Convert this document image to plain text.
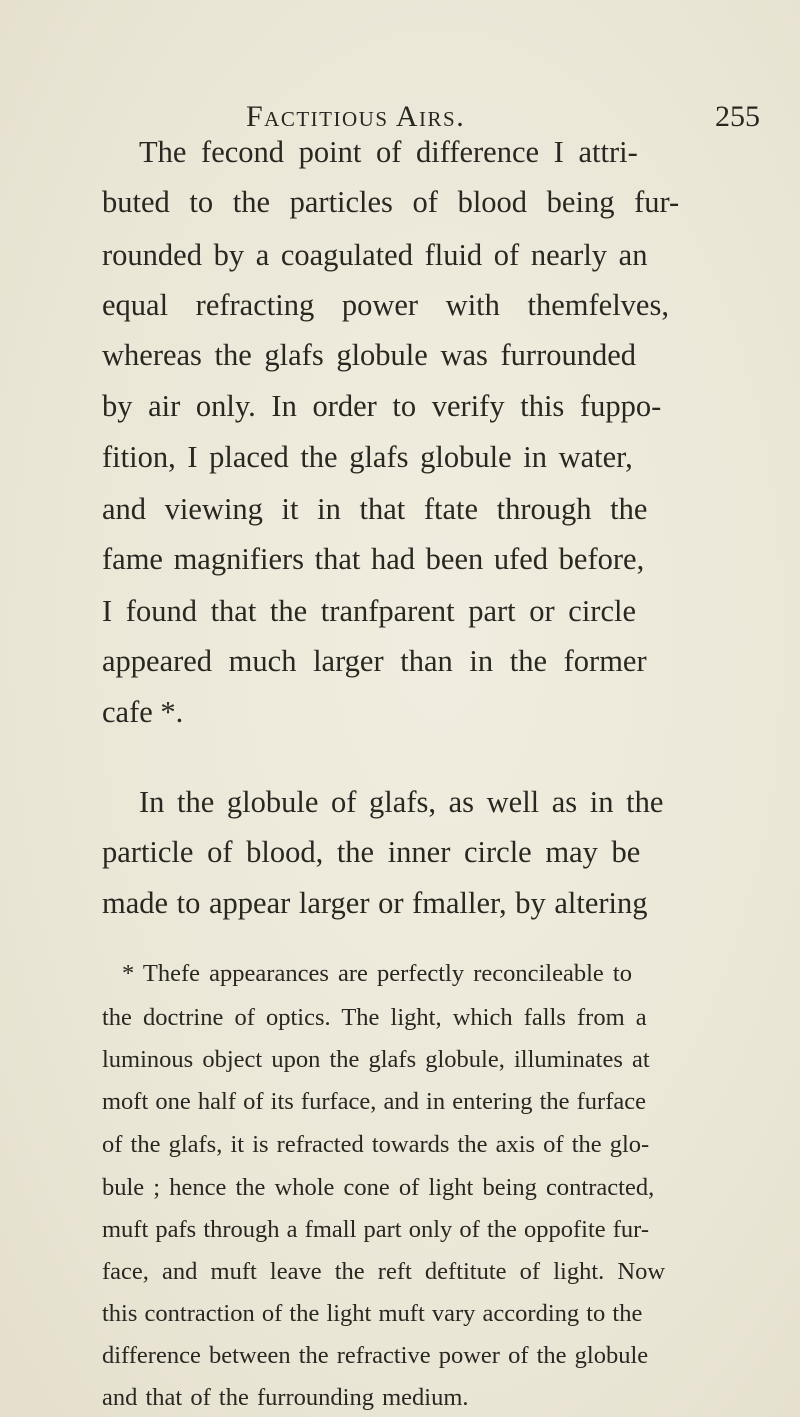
Factitious Airs.	255
The fecond point of difference I attri-
buted to the particles of blood being fur-
rounded by a coagulated fluid of nearly an
equal refracting power with themfelves,
whereas the glafs globule was furrounded
by air only. In order to verify this fuppo-
fition, I placed the glafs globule in water,
and viewing it in that ftate through the
fame magnifiers that had been ufed before,
I found that the tranfparent part or circle
appeared much larger than in the former
cafe *.
In the globule of glafs, as well as in the
particle of blood, the inner circle may be
made to appear larger or fmaller, by altering
* Thefe appearances are perfectly reconcileable to
the doctrine of optics. The light, which falls from a
luminous object upon the glafs globule, illuminates at
moft one half of its furface, and in entering the furface
of the glafs, it is refracted towards the axis of the glo-
bule ; hence the whole cone of light being contracted,
muft pafs through a fmall part only of the oppofite fur-
face, and muft leave the reft deftitute of light. Now
this contraction of the light muft vary according to the
difference between the refractive power of the globule
and that of the furrounding medium.
